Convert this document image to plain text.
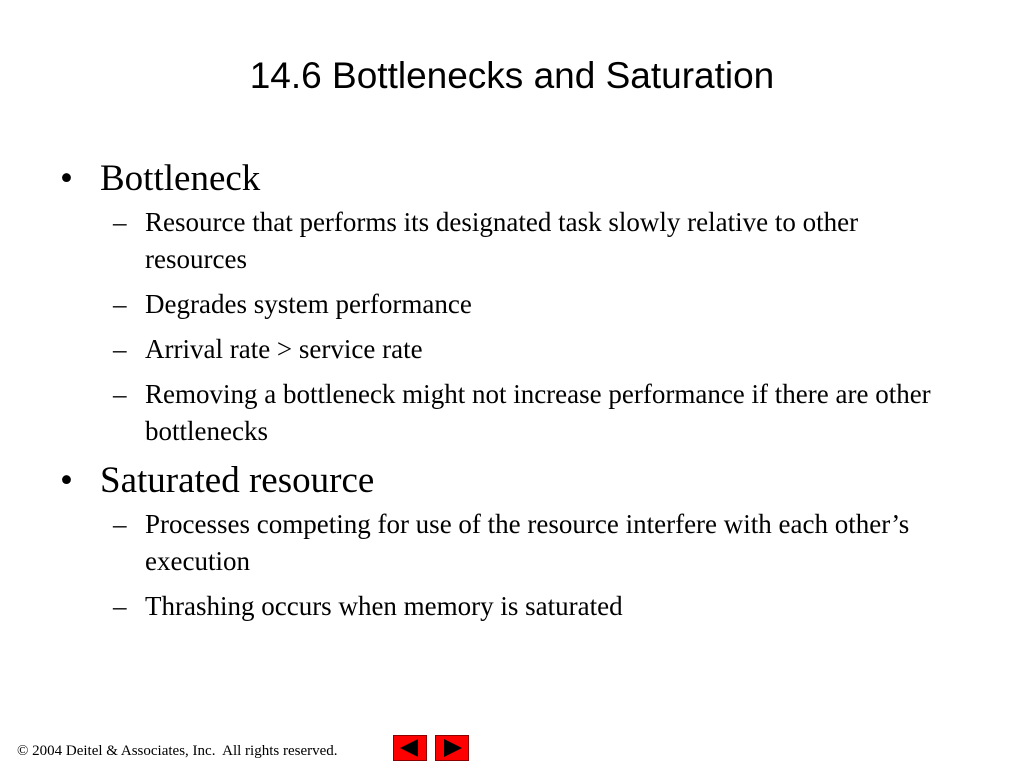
14.6 Bottlenecks and Saturation
• Bottleneck
– Resource that performs its designated task slowly relative to other resources
– Degrades system performance
– Arrival rate > service rate
– Removing a bottleneck might not increase performance if there are other bottlenecks
• Saturated resource
– Processes competing for use of the resource interfere with each other’s execution
– Thrashing occurs when memory is saturated
© 2004 Deitel & Associates, Inc.  All rights reserved.
